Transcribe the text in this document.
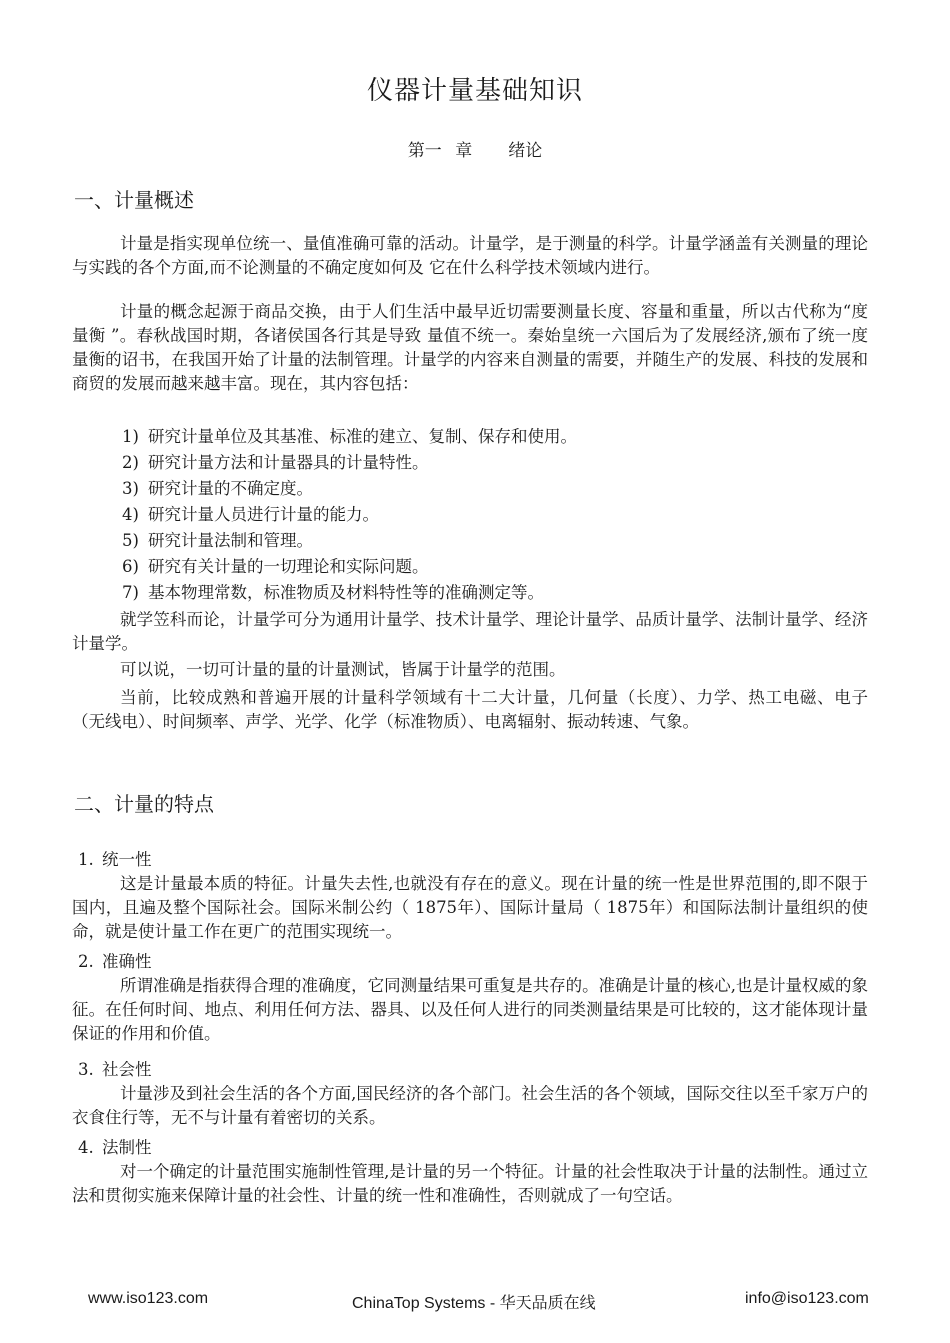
仪器计量基础知识
第一 章 绪论
一、计量概述
计量是指实现单位统一、量值准确可靠的活动。计量学，是于测量的科学。计量学涵盖有关测量的理论与实践的各个方面,而不论测量的不确定度如何及 它在什么科学技术领域内进行。
计量的概念起源于商品交换，由于人们生活中最早近切需要测量长度、容量和重量，所以古代称为“度量衡 ”。春秋战国时期，各诸侯国各行其是导致 量值不统一。秦始皇统一六国后为了发展经济,颁布了统一度量衡的诏书，在我国开始了计量的法制管理。计量学的内容来自测量的需要，并随生产的发展、科技的发展和商贸的发展而越来越丰富。现在，其内容包括：
1) 研究计量单位及其基准、标准的建立、复制、保存和使用。
2) 研究计量方法和计量器具的计量特性。
3) 研究计量的不确定度。
4) 研究计量人员进行计量的能力。
5) 研究计量法制和管理。
6) 研究有关计量的一切理论和实际问题。
7) 基本物理常数，标准物质及材料特性等的准确测定等。
就学笠科而论，计量学可分为通用计量学、技术计量学、理论计量学、品质计量学、法制计量学、经济计量学。
可以说，一切可计量的量的计量测试，皆属于计量学的范围。
当前，比较成熟和普遍开展的计量科学领域有十二大计量，几何量（长度）、力学、热工电磁、电子（无线电）、时间频率、声学、光学、化学（标准物质）、电离辐射、振动转速、气象。
二、计量的特点
1. 统一性
这是计量最本质的特征。计量失去性,也就没有存在的意义。现在计量的统一性是世界范围的,即不限于国内，且遍及整个国际社会。国际米制公约（ 1875年）、国际计量局（ 1875年）和国际法制计量组织的使命，就是使计量工作在更广的范围实现统一。
2. 准确性
所谓准确是指获得合理的准确度，它同测量结果可重复是共存的。准确是计量的核心,也是计量权威的象征。在任何时间、地点、利用任何方法、器具、以及任何人进行的同类测量结果是可比较的，这才能体现计量保证的作用和价值。
3. 社会性
计量涉及到社会生活的各个方面,国民经济的各个部门。社会生活的各个领域，国际交往以至千家万户的衣食住行等，无不与计量有着密切的关系。
4. 法制性
对一个确定的计量范围实施制性管理,是计量的另一个特征。计量的社会性取决于计量的法制性。通过立法和贯彻实施来保障计量的社会性、计量的统一性和准确性，否则就成了一句空话。
www.iso123.com	ChinaTop Systems - 华天品质在线	info@iso123.com
